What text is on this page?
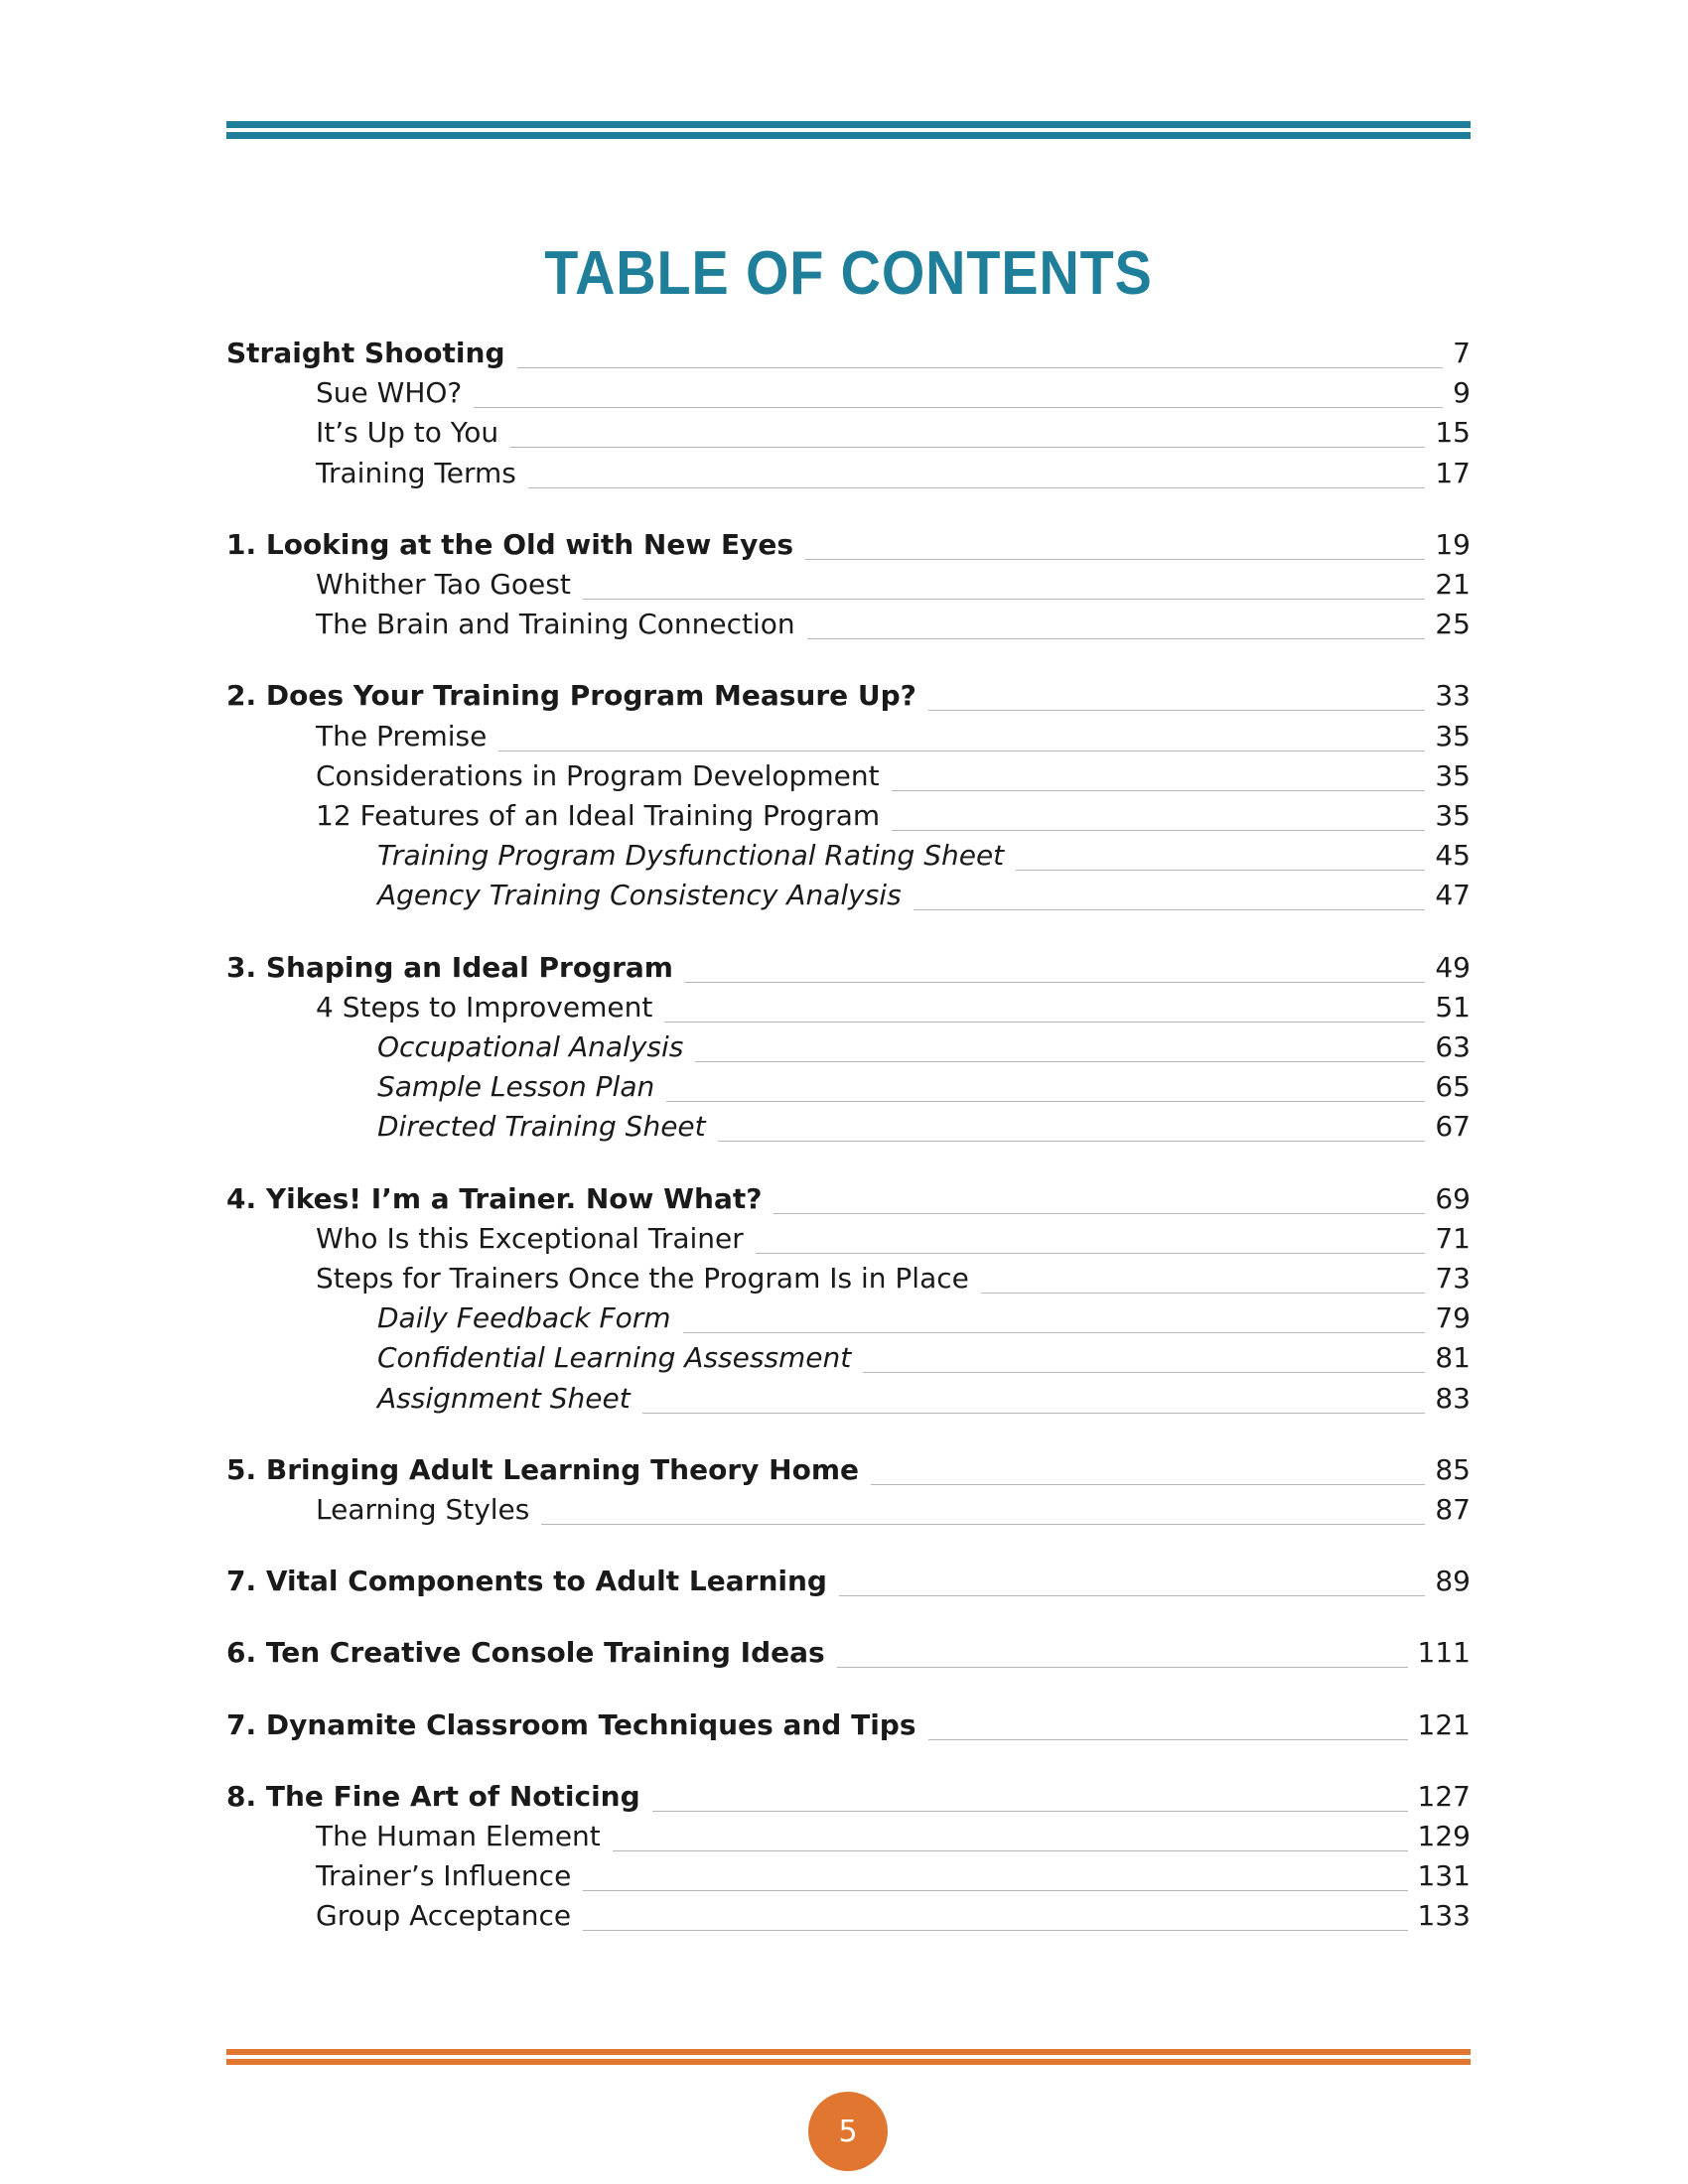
TABLE OF CONTENTS
Straight Shooting	7
Sue WHO?	9
It’s Up to You	15
Training Terms	17
1. Looking at the Old with New Eyes	19
Whither Tao Goest	21
The Brain and Training Connection	25
2. Does Your Training Program Measure Up?	33
The Premise	35
Considerations in Program Development	35
12 Features of an Ideal Training Program	35
Training Program Dysfunctional Rating Sheet	45
Agency Training Consistency Analysis	47
3. Shaping an Ideal Program	49
4 Steps to Improvement	51
Occupational Analysis	63
Sample Lesson Plan	65
Directed Training Sheet	67
4. Yikes! I’m a Trainer. Now What?	69
Who Is this Exceptional Trainer	71
Steps for Trainers Once the Program Is in Place	73
Daily Feedback Form	79
Confidential Learning Assessment	81
Assignment Sheet	83
5. Bringing Adult Learning Theory Home	85
Learning Styles	87
7. Vital Components to Adult Learning	89
6. Ten Creative Console Training Ideas	111
7. Dynamite Classroom Techniques and Tips	121
8. The Fine Art of Noticing	127
The Human Element	129
Trainer’s Influence	131
Group Acceptance	133
5
